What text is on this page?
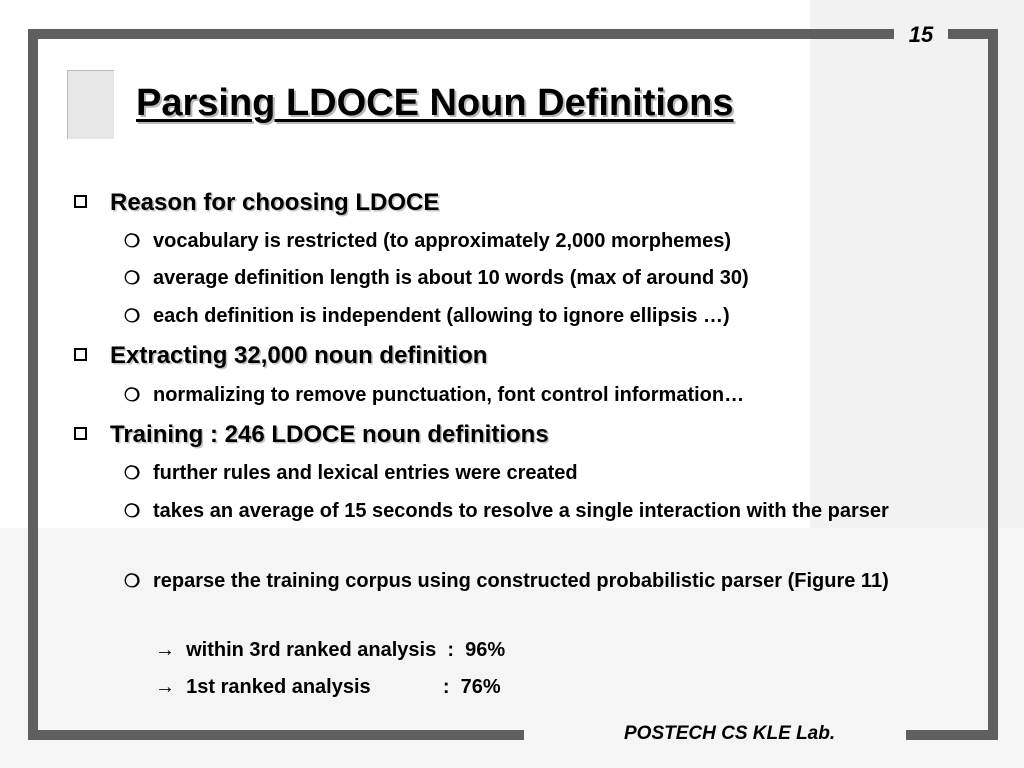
15
Parsing LDOCE Noun Definitions
Reason for choosing LDOCE
❍ vocabulary is restricted (to approximately 2,000 morphemes)
❍ average definition length is about 10 words (max of around 30)
❍ each definition is independent (allowing to ignore ellipsis …)
Extracting 32,000 noun definition
❍ normalizing to remove punctuation, font control information…
Training : 246 LDOCE noun definitions
❍ further rules and lexical entries were created
❍ takes an average of 15 seconds to resolve a single interaction with the parser
❍ reparse the training corpus using constructed probabilistic parser (Figure 11)
→  within 3rd ranked analysis  :  96%
→  1st ranked analysis             :  76%
POSTECH CS KLE Lab.
